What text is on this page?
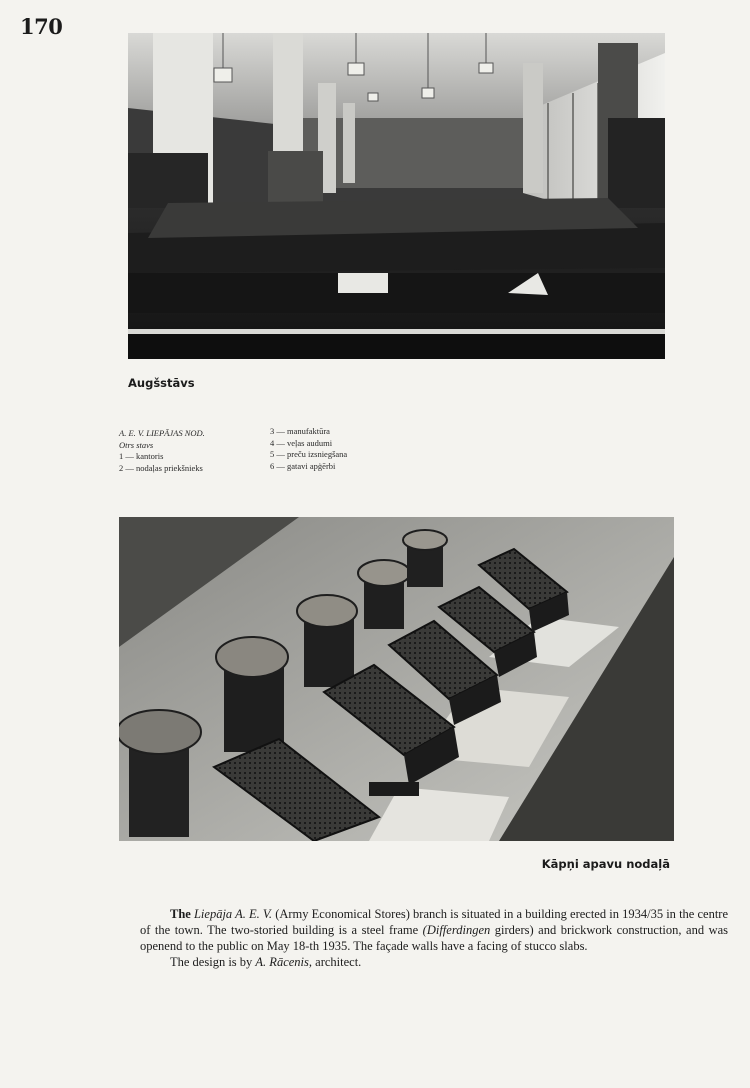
170
Augšstāvs
A. E. V. LIEPĀJAS NOD.
Otrs stavs
1 — kantoris
2 — nodaļas priekšnieks
3 — manufaktūra
4 — veļas audumi
5 — preču izsniegšana
6 — gatavi apģērbi
Kāpņi apavu nodaļā

The Liepāja A. E. V. (Army Economical Stores) branch is situated in a building erected in 1934/35 in the centre of the town. The two-storied building is a steel frame (Differdingen girders) and brickwork construction, and was openend to the public on May 18-th 1935. The façade walls have a facing of stucco slabs.

The design is by A. Rācenis, architect.
